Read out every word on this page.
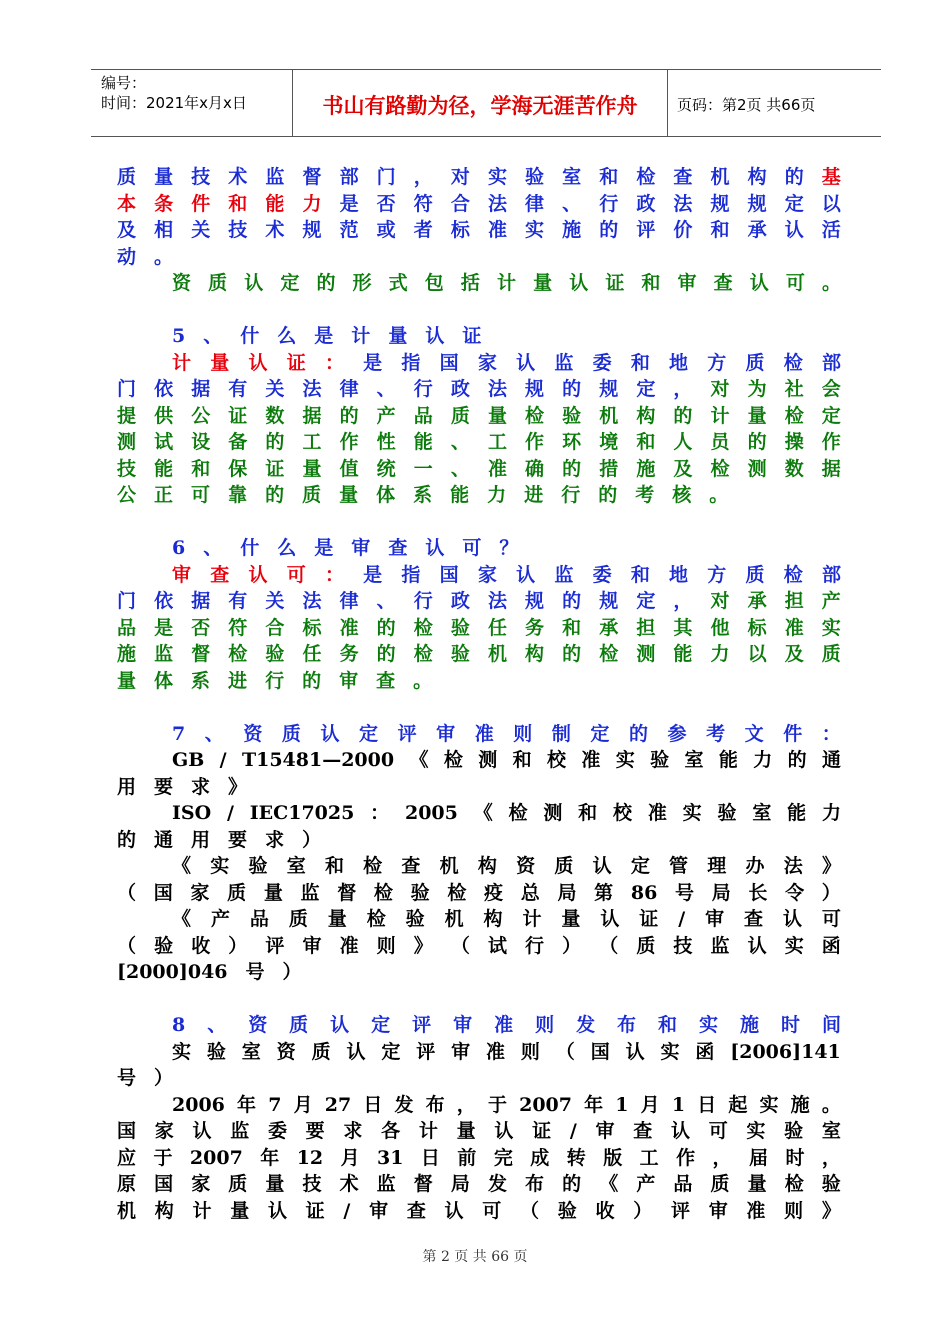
编号：
时间：2021年x月x日	书山有路勤为径，学海无涯苦作舟	页码：第2页 共66页
质 量 技 术 监 督 部 门 ， 对 实 验 室 和 检 查 机 构 的 基
本 条 件 和 能 力 是 否 符 合 法 律 、 行 政 法 规 规 定 以
及 相 关 技 术 规 范 或 者 标 准 实 施 的 评 价 和 承 认 活
动 。
资 质 认 定 的 形 式 包 括 计 量 认 证 和 审 查 认 可 。
5 、 什 么 是 计 量 认 证
计 量 认 证 ： 是 指 国 家 认 监 委 和 地 方 质 检 部
门 依 据 有 关 法 律 、 行 政 法 规 的 规 定 ， 对 为 社 会
提 供 公 证 数 据 的 产 品 质 量 检 验 机 构 的 计 量 检 定
测 试 设 备 的 工 作 性 能 、 工 作 环 境 和 人 员 的 操 作
技 能 和 保 证 量 值 统 一 、 准 确 的 措 施 及 检 测 数 据
公 正 可 靠 的 质 量 体 系 能 力 进 行 的 考 核 。
6 、 什 么 是 审 查 认 可 ？
审 查 认 可 ： 是 指 国 家 认 监 委 和 地 方 质 检 部
门 依 据 有 关 法 律 、 行 政 法 规 的 规 定 ， 对 承 担 产
品 是 否 符 合 标 准 的 检 验 任 务 和 承 担 其 他 标 准 实
施 监 督 检 验 任 务 的 检 验 机 构 的 检 测 能 力 以 及 质
量 体 系 进 行 的 审 查 。
7 、 资 质 认 定 评 审 准 则 制 定 的 参 考 文 件 ：
GB / T15481—2000 《 检 测 和 校 准 实 验 室 能 力 的 通
用 要 求 》
ISO / IEC17025 ： 2005 《 检 测 和 校 准 实 验 室 能 力
的 通 用 要 求 ）
《 实 验 室 和 检 查 机 构 资 质 认 定 管 理 办 法 》
（ 国 家 质 量 监 督 检 验 检 疫 总 局 第 86 号 局 长 令 ）
《 产 品 质 量 检 验 机 构 计 量 认 证 / 审 查 认 可
（ 验 收 ） 评 审 准 则 》 （ 试 行 ） （ 质 技 监 认 实 函
[2000]046 号 ）
8 、 资 质 认 定 评 审 准 则 发 布 和 实 施 时 间
实 验 室 资 质 认 定 评 审 准 则 （ 国 认 实 函 [2006]141
号 ）
2006 年 7 月 27 日 发 布 ， 于 2007 年 1 月 1 日 起 实 施 。
国 家 认 监 委 要 求 各 计 量 认 证 / 审 查 认 可 实 验 室
应 于 2007 年 12 月 31 日 前 完 成 转 版 工 作 ， 届 时 ，
原 国 家 质 量 技 术 监 督 局 发 布 的 《 产 品 质 量 检 验
机 构 计 量 认 证 / 审 查 认 可 （ 验 收 ） 评 审 准 则 》
第 2 页 共 66 页
